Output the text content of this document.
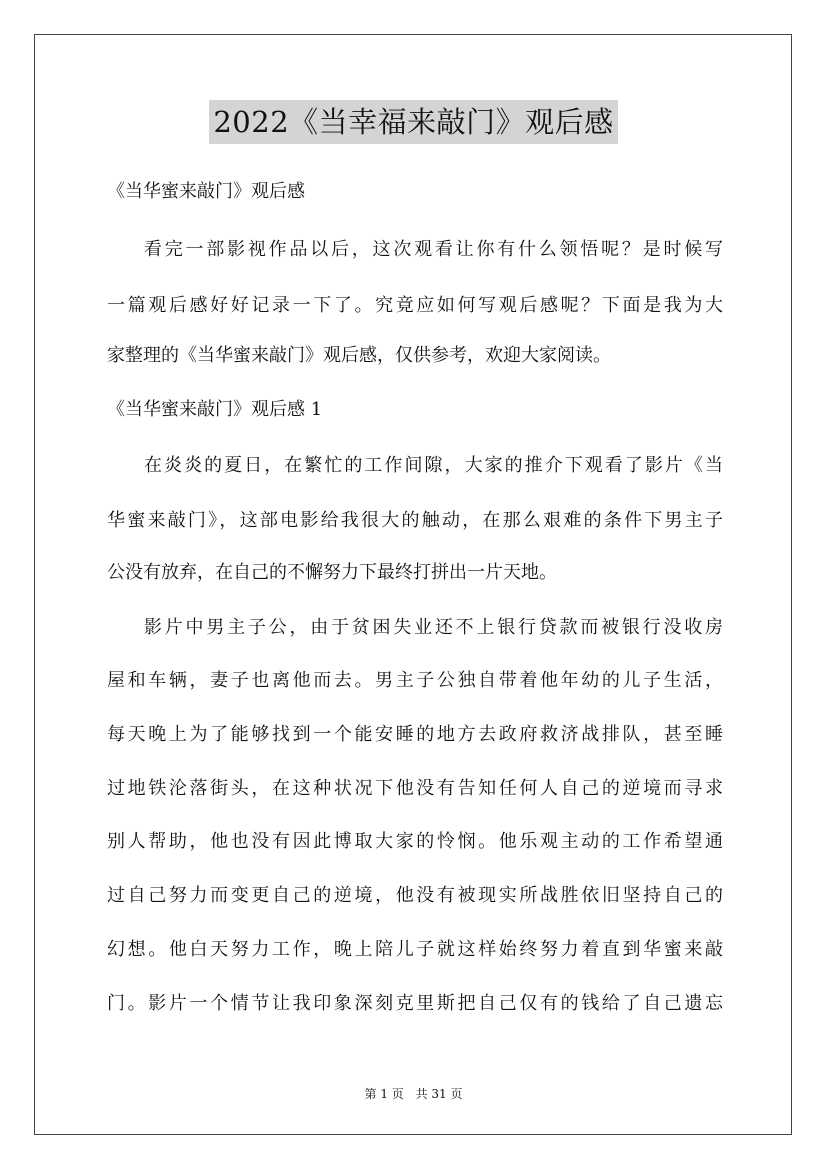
2022《当幸福来敲门》观后感
《当华蜜来敲门》观后感
看完一部影视作品以后，这次观看让你有什么领悟呢？是时候写
一篇观后感好好记录一下了。究竟应如何写观后感呢？下面是我为大
家整理的《当华蜜来敲门》观后感，仅供参考，欢迎大家阅读。
《当华蜜来敲门》观后感 1
在炎炎的夏日，在繁忙的工作间隙，大家的推介下观看了影片《当
华蜜来敲门》，这部电影给我很大的触动，在那么艰难的条件下男主子
公没有放弃，在自己的不懈努力下最终打拼出一片天地。
影片中男主子公，由于贫困失业还不上银行贷款而被银行没收房
屋和车辆，妻子也离他而去。男主子公独自带着他年幼的儿子生活，
每天晚上为了能够找到一个能安睡的地方去政府救济战排队，甚至睡
过地铁沦落街头，在这种状况下他没有告知任何人自己的逆境而寻求
别人帮助，他也没有因此博取大家的怜悯。他乐观主动的工作希望通
过自己努力而变更自己的逆境，他没有被现实所战胜依旧坚持自己的
幻想。他白天努力工作，晚上陪儿子就这样始终努力着直到华蜜来敲
门。影片一个情节让我印象深刻克里斯把自己仅有的钱给了自己遗忘
第 1 页 共 31 页
